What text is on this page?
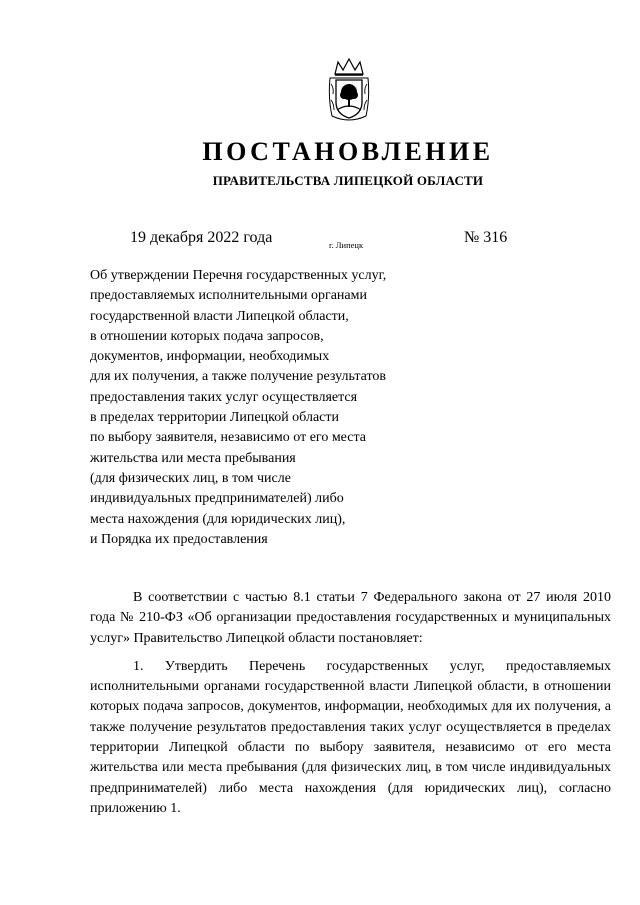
ПОСТАНОВЛЕНИЕ
ПРАВИТЕЛЬСТВА ЛИПЕЦКОЙ ОБЛАСТИ
19 декабря 2022 года	г. Липецк	№ 316
Об утверждении Перечня государственных услуг,
предоставляемых исполнительными органами
государственной власти Липецкой области,
в отношении которых подача запросов,
документов, информации, необходимых
для их получения, а также получение результатов
предоставления таких услуг осуществляется
в пределах территории Липецкой области
по выбору заявителя, независимо от его места
жительства или места пребывания
(для физических лиц, в том числе
индивидуальных предпринимателей) либо
места нахождения (для юридических лиц),
и Порядка их предоставления

В соответствии с частью 8.1 статьи 7 Федерального закона от 27 июля 2010 года № 210-ФЗ «Об организации предоставления государственных и муниципальных услуг» Правительство Липецкой области постановляет:

1. Утвердить Перечень государственных услуг, предоставляемых исполнительными органами государственной власти Липецкой области, в отношении которых подача запросов, документов, информации, необходимых для их получения, а также получение результатов предоставления таких услуг осуществляется в пределах территории Липецкой области по выбору заявителя, независимо от его места жительства или места пребывания (для физических лиц, в том числе индивидуальных предпринимателей) либо места нахождения (для юридических лиц), согласно приложению 1.
